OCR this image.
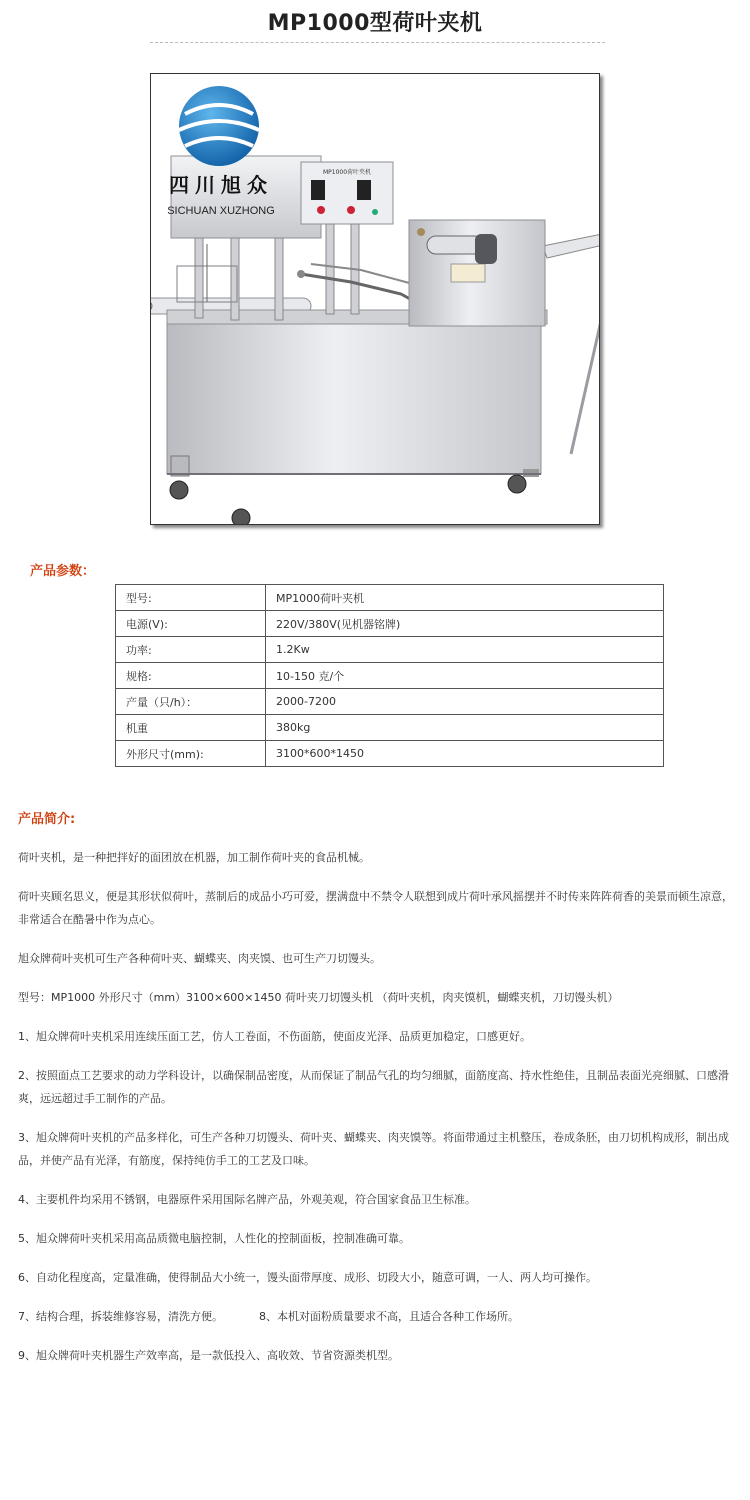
MP1000型荷叶夹机
MP1000荷叶夹机
四川旭众
SICHUAN XUZHONG
产品参数：
型号:	MP1000荷叶夹机
电源(V):	220V/380V(见机器铭牌)
功率:	1.2Kw
规格:	10-150 克/个
产量（只/h）：	2000-7200
机重	380kg
外形尺寸(mm):	3100*600*1450
产品简介:

荷叶夹机，是一种把拌好的面团放在机器，加工制作荷叶夹的食品机械。

荷叶夹顾名思义，便是其形状似荷叶，蒸制后的成品小巧可爱，摆满盘中不禁令人联想到成片荷叶承风摇摆并不时传来阵阵荷香的美景而顿生凉意，非常适合在酷暑中作为点心。

旭众牌荷叶夹机可生产各种荷叶夹、蝴蝶夹、肉夹馍、也可生产刀切馒头。

型号：MP1000 外形尺寸（mm）3100×600×1450 荷叶夹刀切馒头机 （荷叶夹机，肉夹馍机，蝴蝶夹机，刀切馒头机）

1、旭众牌荷叶夹机采用连续压面工艺，仿人工卷面，不伤面筋，使面皮光泽、品质更加稳定，口感更好。

2、按照面点工艺要求的动力学科设计，以确保制品密度，从而保证了制品气孔的均匀细腻，面筋度高、持水性绝佳，且制品表面光亮细腻、口感滑爽，远远超过手工制作的产品。

3、旭众牌荷叶夹机的产品多样化，可生产各种刀切馒头、荷叶夹、蝴蝶夹、肉夹馍等。将面带通过主机整压，卷成条胚，由刀切机构成形，制出成品，并使产品有光泽，有筋度，保持纯仿手工的工艺及口味。

4、主要机件均采用不锈钢，电器原件采用国际名牌产品，外观美观，符合国家食品卫生标准。

5、旭众牌荷叶夹机采用高品质微电脑控制，人性化的控制面板，控制准确可靠。

6、自动化程度高，定量准确，使得制品大小统一，馒头面带厚度、成形、切段大小，随意可调，一人、两人均可操作。

7、结构合理，拆装维修容易，清洗方便。	8、本机对面粉质量要求不高，且适合各种工作场所。

9、旭众牌荷叶夹机器生产效率高，是一款低投入、高收效、节省资源类机型。
